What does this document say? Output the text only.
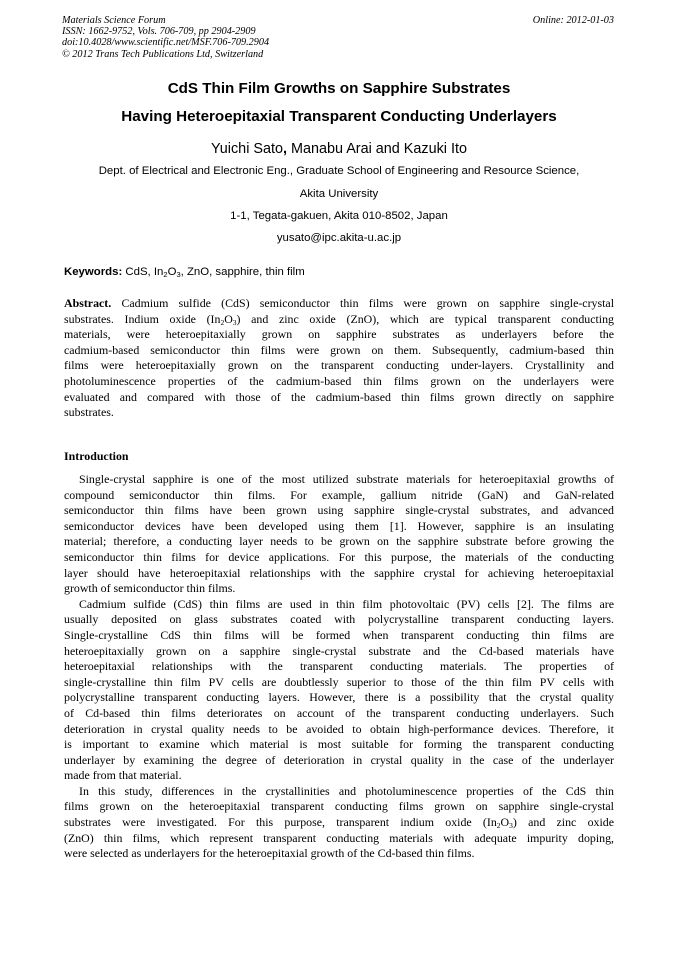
Materials Science Forum
ISSN: 1662-9752, Vols. 706-709, pp 2904-2909
doi:10.4028/www.scientific.net/MSF.706-709.2904
© 2012 Trans Tech Publications Ltd, Switzerland
Online: 2012-01-03
CdS Thin Film Growths on Sapphire Substrates
Having Heteroepitaxial Transparent Conducting Underlayers
Yuichi Sato, Manabu Arai and Kazuki Ito
Dept. of Electrical and Electronic Eng., Graduate School of Engineering and Resource Science,
Akita University
1-1, Tegata-gakuen, Akita 010-8502, Japan
yusato@ipc.akita-u.ac.jp
Keywords: CdS, $In_2O_3$, ZnO, sapphire, thin film
Abstract. Cadmium sulfide (CdS) semiconductor thin films were grown on sapphire single-crystal
substrates. Indium oxide $(In_2O_3)$ and zinc oxide (ZnO), which are typical transparent conducting
materials, were heteroepitaxially grown on sapphire substrates as underlayers before the
cadmium-based semiconductor thin films were grown on them. Subsequently, cadmium-based thin
films were heteroepitaxially grown on the transparent conducting under-layers. Crystallinity and
photoluminescence properties of the cadmium-based thin films grown on the underlayers were
evaluated and compared with those of the cadmium-based thin films grown directly on sapphire
substrates.
Introduction
Single-crystal sapphire is one of the most utilized substrate materials for heteroepitaxial growths of
compound semiconductor thin films. For example, gallium nitride (GaN) and GaN-related
semiconductor thin films have been grown using sapphire single-crystal substrates, and advanced
semiconductor devices have been developed using them [1]. However, sapphire is an insulating
material; therefore, a conducting layer needs to be grown on the sapphire substrate before growing the
semiconductor thin films for device applications. For this purpose, the materials of the conducting
layer should have heteroepitaxial relationships with the sapphire crystal for achieving heteroepitaxial
growth of semiconductor thin films.
Cadmium sulfide (CdS) thin films are used in thin film photovoltaic (PV) cells [2]. The films are
usually deposited on glass substrates coated with polycrystalline transparent conducting layers.
Single-crystalline CdS thin films will be formed when transparent conducting thin films are
heteroepitaxially grown on a sapphire single-crystal substrate and the Cd-based materials have
heteroepitaxial relationships with the transparent conducting materials. The properties of
single-crystalline thin film PV cells are doubtlessly superior to those of the thin film PV cells with
polycrystalline transparent conducting layers. However, there is a possibility that the crystal quality
of Cd-based thin films deteriorates on account of the transparent conducting underlayers. Such
deterioration in crystal quality needs to be avoided to obtain high-performance devices. Therefore, it
is important to examine which material is most suitable for forming the transparent conducting
underlayer by examining the degree of deterioration in crystal quality in the case of the underlayer
made from that material.
In this study, differences in the crystallinities and photoluminescence properties of the CdS thin
films grown on the heteroepitaxial transparent conducting films grown on sapphire single-crystal
substrates were investigated. For this purpose, transparent indium oxide $(In_2O_3)$ and zinc oxide
(ZnO) thin films, which represent transparent conducting materials with adequate impurity doping,
were selected as underlayers for the heteroepitaxial growth of the Cd-based thin films.
